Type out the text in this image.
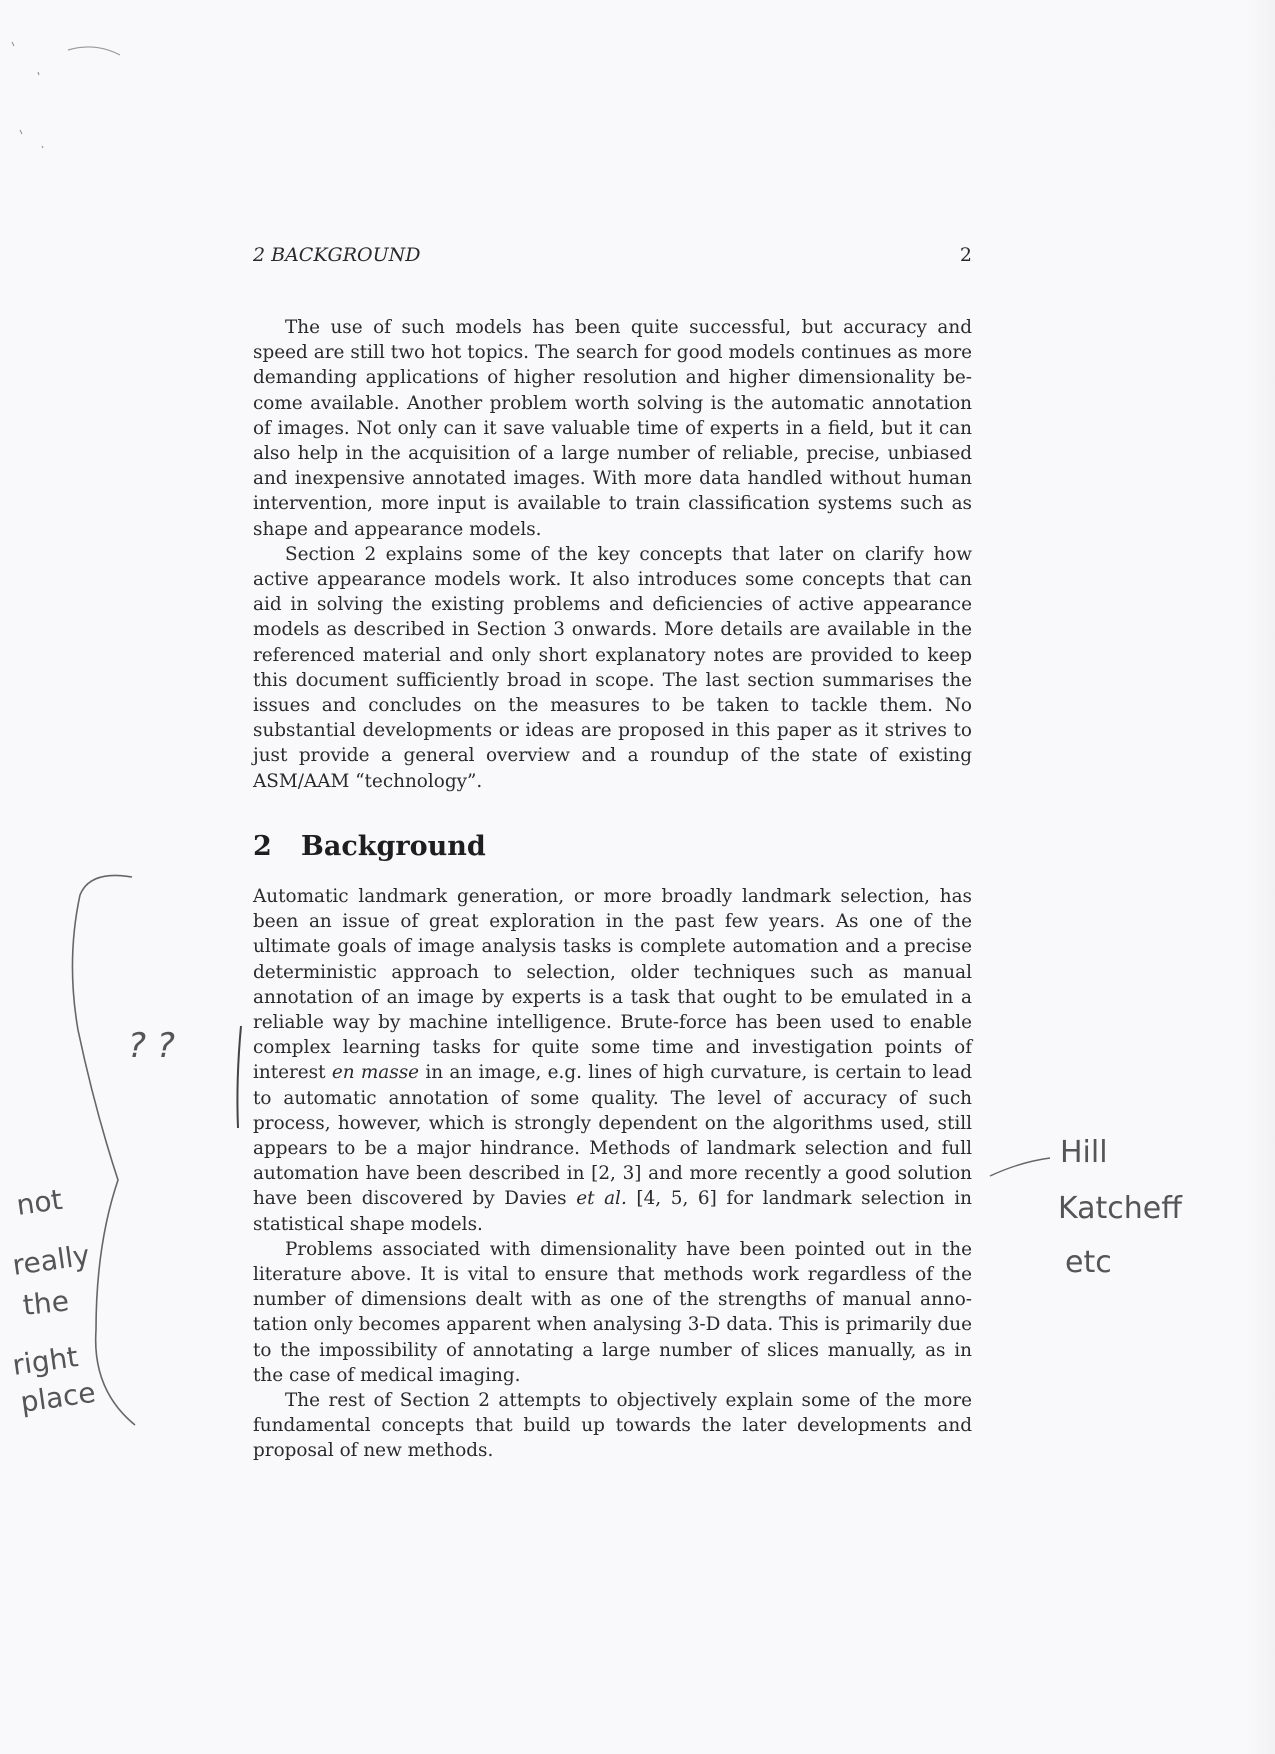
2 BACKGROUND	2

The use of such models has been quite successful, but accuracy and speed are still two hot topics. The search for good models continues as more demanding applications of higher resolution and higher dimensionality become available. Another problem worth solving is the automatic annotation of images. Not only can it save valuable time of experts in a field, but it can also help in the acquisition of a large number of reliable, precise, unbiased and inexpensive annotated images. With more data handled without human intervention, more input is available to train classification systems such as shape and appearance models.

Section 2 explains some of the key concepts that later on clarify how active appearance models work. It also introduces some concepts that can aid in solving the existing problems and deficiencies of active appearance models as described in Section 3 onwards. More details are available in the referenced material and only short explanatory notes are provided to keep this document sufficiently broad in scope. The last section summarises the issues and concludes on the measures to be taken to tackle them. No substantial developments or ideas are proposed in this paper as it strives to just provide a general overview and a roundup of the state of existing ASM/AAM “technology”.

2 Background

Automatic landmark generation, or more broadly landmark selection, has been an issue of great exploration in the past few years. As one of the ultimate goals of image analysis tasks is complete automation and a precise deterministic approach to selection, older techniques such as manual annotation of an image by experts is a task that ought to be emulated in a reliable way by machine intelligence. Brute-force has been used to enable complex learning tasks for quite some time and investigation points of interest en masse in an image, e.g. lines of high curvature, is certain to lead to automatic annotation of some quality. The level of accuracy of such process, however, which is strongly dependent on the algorithms used, still appears to be a major hindrance. Methods of landmark selection and full automation have been described in [2, 3] and more recently a good solution have been discovered by Davies et al. [4, 5, 6] for landmark selection in statistical shape models.

Problems associated with dimensionality have been pointed out in the literature above. It is vital to ensure that methods work regardless of the number of dimensions dealt with as one of the strengths of manual annotation only becomes apparent when analysing 3-D data. This is primarily due to the impossibility of annotating a large number of slices manually, as in the case of medical imaging.

The rest of Section 2 attempts to objectively explain some of the more fundamental concepts that build up towards the later developments and proposal of new methods.

? ?
Hill
Katcheff
etc
not
really
the
right
place
